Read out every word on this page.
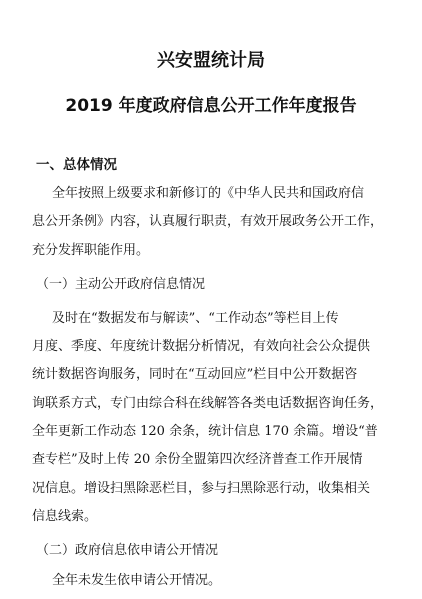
兴安盟统计局
2019 年度政府信息公开工作年度报告
一、总体情况
全年按照上级要求和新修订的《中华人民共和国政府信
息公开条例》内容，认真履行职责，有效开展政务公开工作，
充分发挥职能作用。
（一）主动公开政府信息情况
及时在“数据发布与解读”、“工作动态”等栏目上传
月度、季度、年度统计数据分析情况，有效向社会公众提供
统计数据咨询服务，同时在“互动回应”栏目中公开数据咨
询联系方式，专门由综合科在线解答各类电话数据咨询任务，
全年更新工作动态 120 余条，统计信息 170 余篇。增设“普
查专栏”及时上传 20 余份全盟第四次经济普查工作开展情
况信息。增设扫黑除恶栏目，参与扫黑除恶行动，收集相关
信息线索。
（二）政府信息依申请公开情况
全年未发生依申请公开情况。
